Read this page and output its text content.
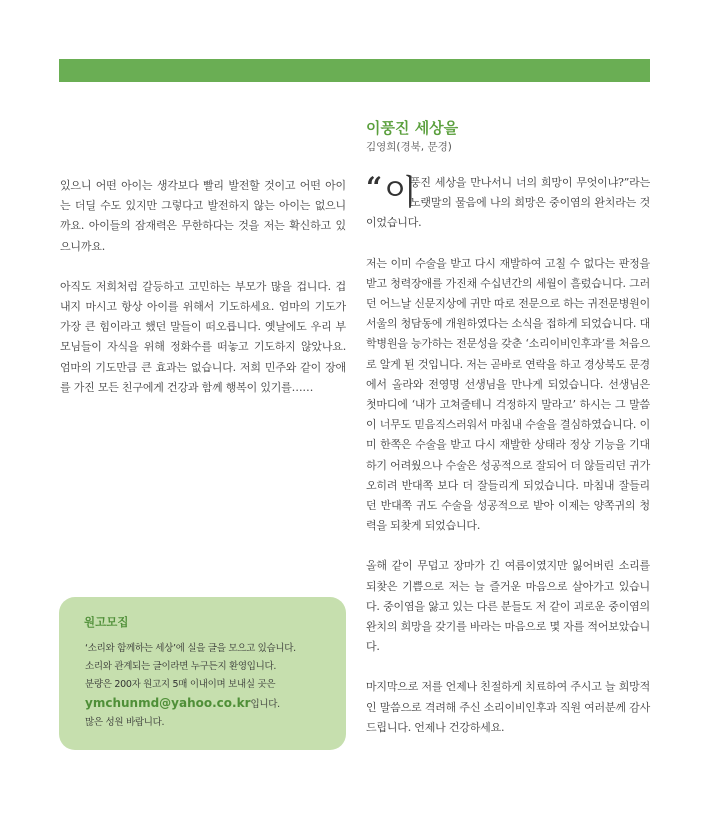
있으니 어떤 아이는 생각보다 빨리 발전할 것이고 어떤 아이는 더딜 수도 있지만 그렇다고 발전하지 않는 아이는 없으니까요. 아이들의 잠재력은 무한하다는 것을 저는 확신하고 있으니까요.

아직도 저희처럼 갈등하고 고민하는 부모가 많을 겁니다. 겁내지 마시고 항상 아이를 위해서 기도하세요. 엄마의 기도가 가장 큰 힘이라고 했던 말들이 떠오릅니다. 옛날에도 우리 부모님들이 자식을 위해 정화수를 떠놓고 기도하지 않았나요. 엄마의 기도만큼 큰 효과는 없습니다. 저희 민주와 같이 장애를 가진 모든 친구에게 건강과 함께 행복이 있기를……

이풍진 세상을
김영희(경북, 문경)

“ 이
풍진 세상을 만나서니 너의 희망이 무엇이냐?”라는 노랫말의 물음에 나의 희망은 중이염의 완치라는 것이었습니다.

저는 이미 수술을 받고 다시 재발하여 고칠 수 없다는 판정을 받고 청력장애를 가진채 수십년간의 세월이 흘렀습니다. 그러던 어느날 신문지상에 귀만 따로 전문으로 하는 귀전문병원이 서울의 청담동에 개원하였다는 소식을 접하게 되었습니다. 대학병원을 능가하는 전문성을 갖춘 ‘소리이비인후과’를 처음으로 알게 된 것입니다. 저는 곧바로 연락을 하고 경상북도 문경에서 올라와 전영명 선생님을 만나게 되었습니다. 선생님은 첫마디에 ‘내가 고쳐줄테니 걱정하지 말라고’ 하시는 그 말씀이 너무도 믿음직스러워서 마침내 수술을 결심하였습니다. 이미 한쪽은 수술을 받고 다시 재발한 상태라 정상 기능을 기대하기 어려웠으나 수술은 성공적으로 잘되어 더 않들리던 귀가 오히려 반대쪽 보다 더 잘들리게 되었습니다. 마침내 잘들리던 반대쪽 귀도 수술을 성공적으로 받아 이제는 양쪽귀의 청력을 되찾게 되었습니다.

올해 같이 무덥고 장마가 긴 여름이였지만 잃어버린 소리를 되찾은 기쁨으로 저는 늘 즐거운 마음으로 살아가고 있습니다. 중이염을 앓고 있는 다른 분들도 저 같이 괴로운 중이염의 완치의 희망을 갖기를 바라는 마음으로 몇 자를 적어보았습니다.

마지막으로 저를 언제나 친절하게 치료하여 주시고 늘 희망적인 말씀으로 격려해 주신 소리이비인후과 직원 여러분께 감사드립니다. 언제나 건강하세요.

원고모집
‘소리와 함께하는 세상’에 실을 글을 모으고 있습니다.
소리와 관계되는 글이라면 누구든지 환영입니다.
분량은 200자 원고지 5매 이내이며 보내실 곳은
ymchunmd@yahoo.co.kr입니다.
많은 성원 바랍니다.
